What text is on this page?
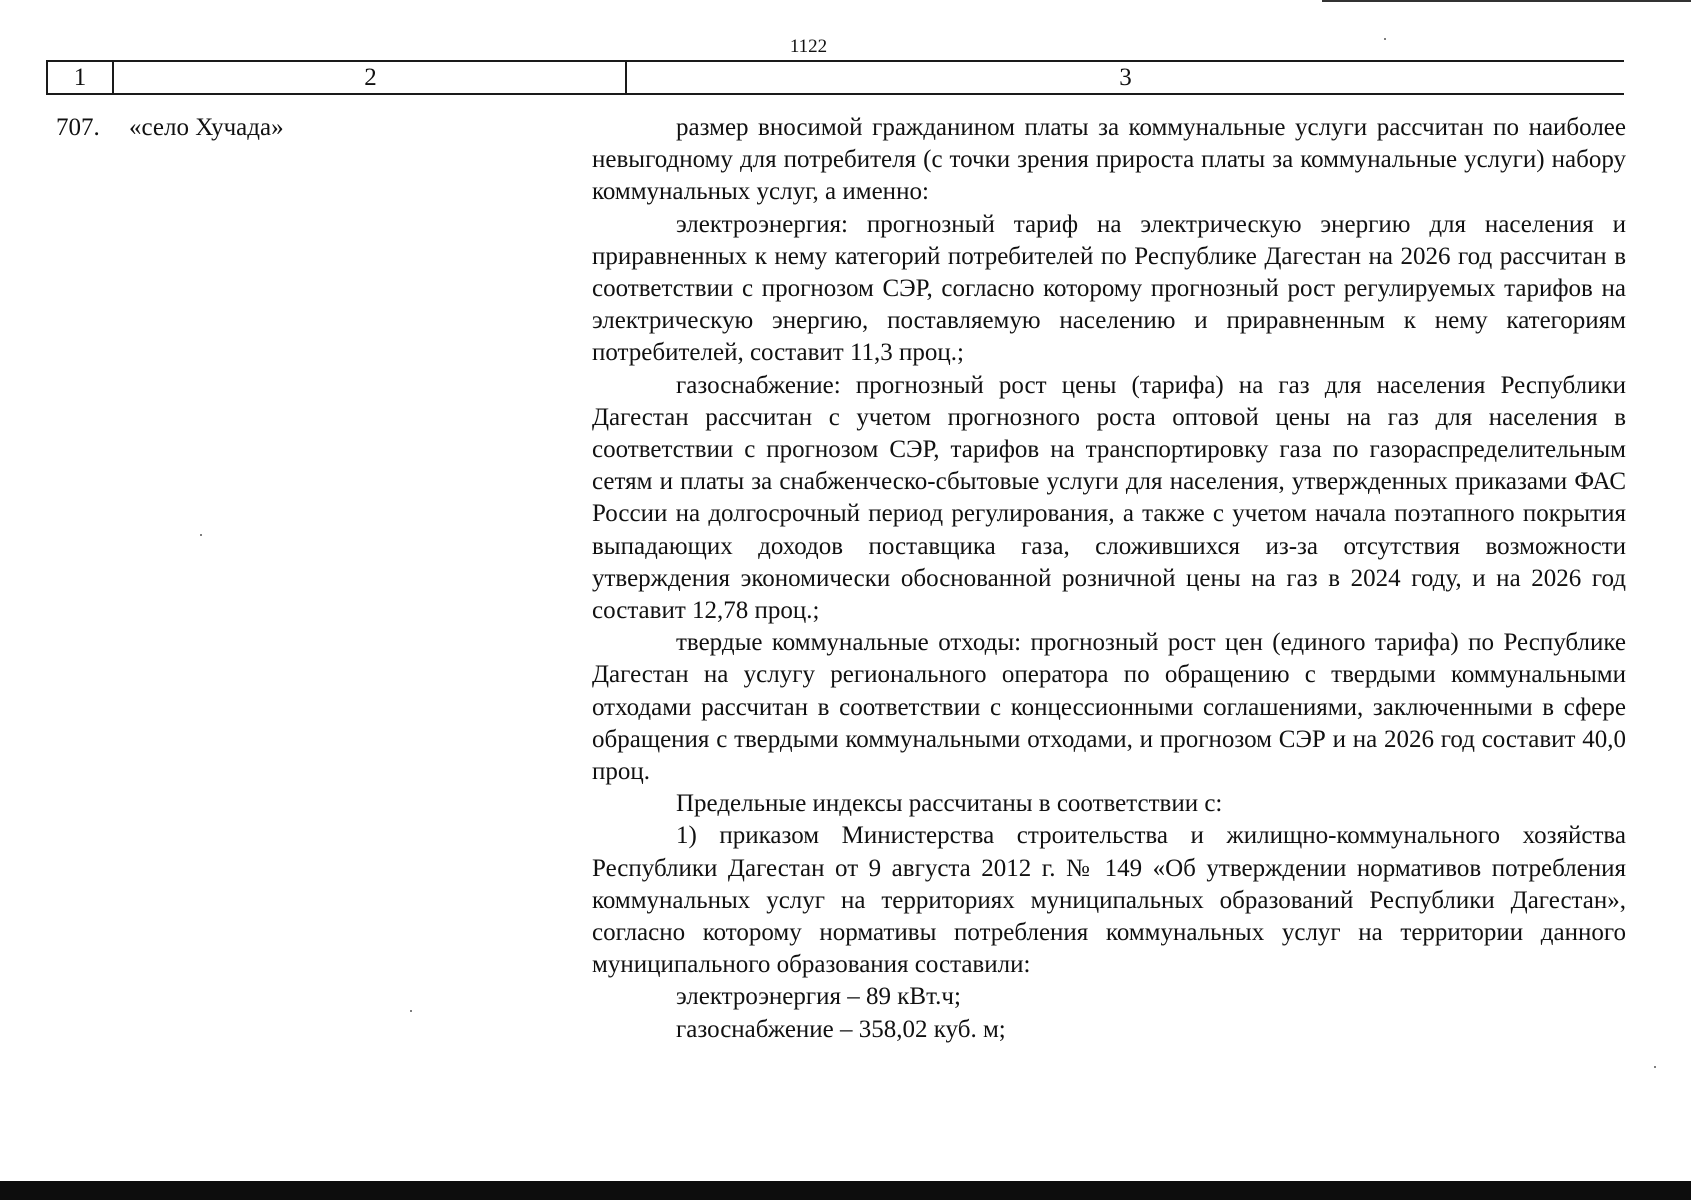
1122
1	2	3
707. «село Хучада»	размер вносимой гражданином платы за коммунальные услуги рассчитан по наиболее невыгодному для потребителя (с точки зрения прироста платы за коммунальные услуги) набору коммунальных услуг, а именно:

электроэнергия: прогнозный тариф на электрическую энергию для населения и приравненных к нему категорий потребителей по Республике Дагестан на 2026 год рассчитан в соответствии с прогнозом СЭР, согласно которому прогнозный рост регулируемых тарифов на электрическую энергию, поставляемую населению и приравненным к нему категориям потребителей, составит 11,3 проц.;

газоснабжение: прогнозный рост цены (тарифа) на газ для населения Республики Дагестан рассчитан с учетом прогнозного роста оптовой цены на газ для населения в соответствии с прогнозом СЭР, тарифов на транспортировку газа по газораспределительным сетям и платы за снабженческо-сбытовые услуги для населения, утвержденных приказами ФАС России на долгосрочный период регулирования, а также с учетом начала поэтапного покрытия выпадающих доходов поставщика газа, сложившихся из-за отсутствия возможности утверждения экономически обоснованной розничной цены на газ в 2024 году, и на 2026 год составит 12,78 проц.;

твердые коммунальные отходы: прогнозный рост цен (единого тарифа) по Республике Дагестан на услугу регионального оператора по обращению с твердыми коммунальными отходами рассчитан в соответствии с концессионными соглашениями, заключенными в сфере обращения с твердыми коммунальными отходами, и прогнозом СЭР и на 2026 год составит 40,0 проц.

Предельные индексы рассчитаны в соответствии с:

1) приказом Министерства строительства и жилищно-коммунального хозяйства Республики Дагестан от 9 августа 2012 г. № 149 «Об утверждении нормативов потребления коммунальных услуг на территориях муниципальных образований Республики Дагестан», согласно которому нормативы потребления коммунальных услуг на территории данного муниципального образования составили:

электроэнергия – 89 кВт.ч;

газоснабжение – 358,02 куб. м;
